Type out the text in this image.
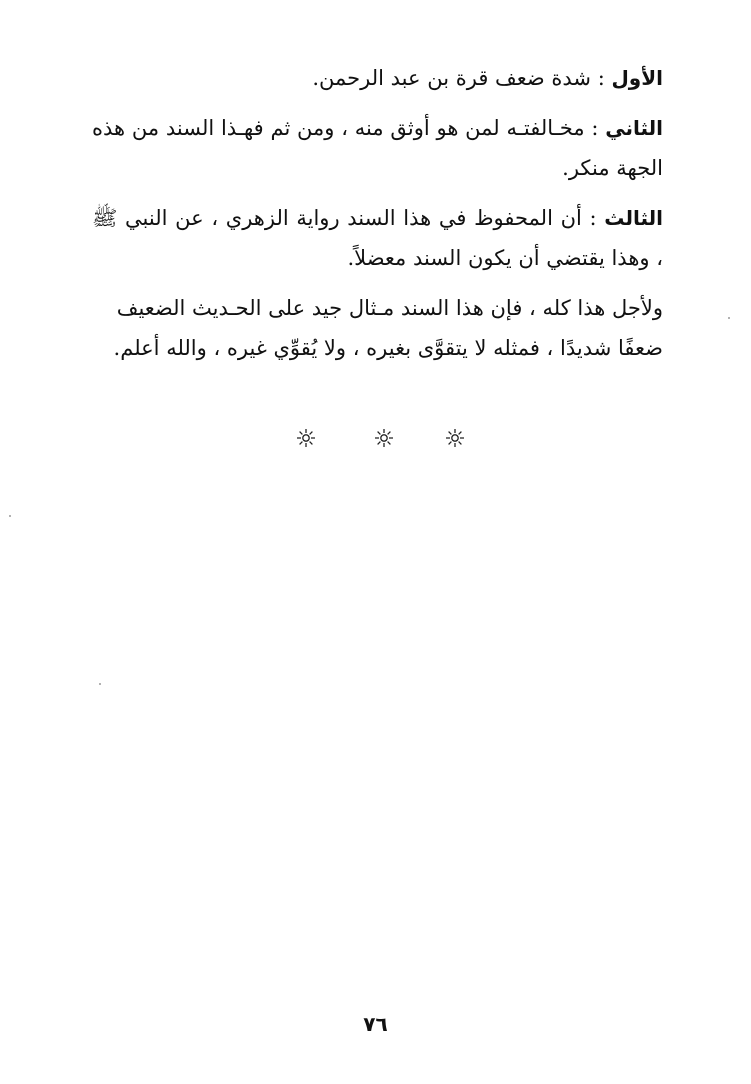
الأول : شدة ضعف قرة بن عبد الرحمن.

الثاني : مخـالفتـه لمن هو أوثق منه ، ومن ثم فهـذا السند من هذه الجهة منكر.

الثالث : أن المحفوظ في هذا السند رواية الزهري ، عن النبي ﷺ ، وهذا يقتضي أن يكون السند معضلاً.

ولأجل هذا كله ، فإن هذا السند مـثال جيد على الحـديث الضعيف
ضعفًا شديدًا ، فمثله لا يتقوَّى بغيره ، ولا يُقوِّي غيره ، والله أعلم.

٧٦
